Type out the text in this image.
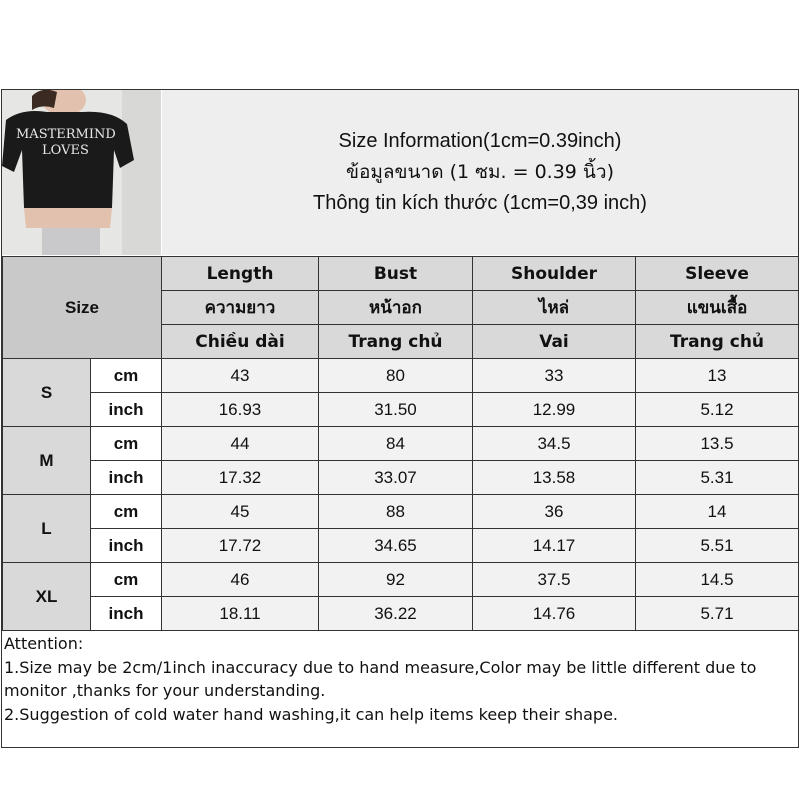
MASTERMIND
LOVES	Size Information(1cm=0.39inch)
ข้อมูลขนาด (1 ซม. = 0.39 นิ้ว)
Thông tin kích thước (1cm=0,39 inch)
Size		Length	Bust	Shoulder	Sleeve
		ความยาว	หน้าอก	ไหล่	แขนเสื้อ
		Chiều dài	Trang chủ	Vai	Trang chủ
S	cm	43	80	33	13
	inch	16.93	31.50	12.99	5.12
M	cm	44	84	34.5	13.5
	inch	17.32	33.07	13.58	5.31
L	cm	45	88	36	14
	inch	17.72	34.65	14.17	5.51
XL	cm	46	92	37.5	14.5
	inch	18.11	36.22	14.76	5.71
Attention:
1.Size may be 2cm/1inch inaccuracy due to hand measure,Color may be little different due to monitor ,thanks for your understanding.
2.Suggestion of cold water hand washing,it can help items keep their shape.
